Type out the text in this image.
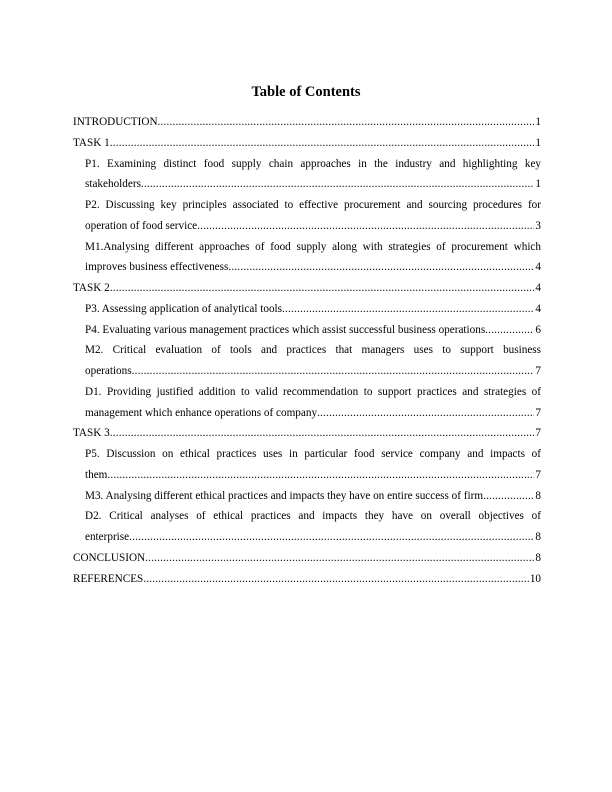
Table of Contents
INTRODUCTION .....	1
TASK 1 .....	1
P1. Examining distinct food supply chain approaches in the industry and highlighting key
stakeholders .....	1
P2. Discussing key principles associated to effective procurement and sourcing procedures for
operation of food service .....	3
M1.Analysing different approaches of food supply along with strategies of procurement which
improves business effectiveness .....	4
TASK 2 .....	4
P3. Assessing application of analytical tools .....	4
P4. Evaluating various management practices which assist successful business operations .....	6
M2. Critical evaluation of tools and practices that managers uses to support business
operations .....	7
D1. Providing justified addition to valid recommendation to support practices and strategies of
management which enhance operations of company .....	7
TASK 3 .....	7
P5. Discussion on ethical practices uses in particular food service company and impacts of
them .....	7
M3. Analysing different ethical practices and impacts they have on entire success of firm .....	8
D2. Critical analyses of ethical practices and impacts they have on overall objectives of
enterprise .....	8
CONCLUSION .....	8
REFERENCES .....	10
